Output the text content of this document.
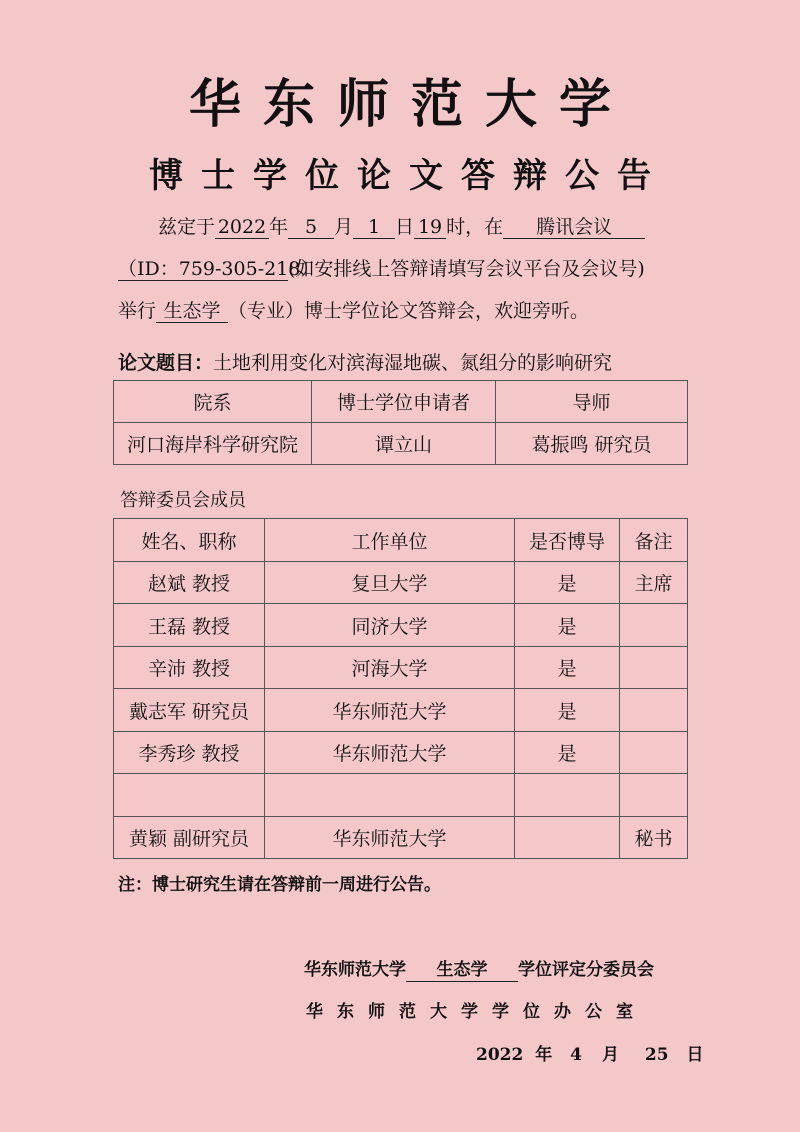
华东师范大学
博士学位论文答辩公告
兹定于 2022 年 5 月 1 日 19 时，在 腾讯会议
（ID：759-305-218）(如安排线上答辩请填写会议平台及会议号)
举行 生态学 （专业）博士学位论文答辩会，欢迎旁听。
论文题目：土地利用变化对滨海湿地碳、氮组分的影响研究
院系	博士学位申请者	导师
河口海岸科学研究院	谭立山	葛振鸣 研究员
答辩委员会成员
姓名、职称	工作单位	是否博导	备注
赵斌 教授	复旦大学	是	主席
王磊 教授	同济大学	是	
辛沛 教授	河海大学	是	
戴志军 研究员	华东师范大学	是	
李秀珍 教授	华东师范大学	是	

黄颖 副研究员	华东师范大学		秘书
注：博士研究生请在答辩前一周进行公告。
华东师范大学 生态学 学位评定分委员会
华东师范大学学位办公室
2022 年 4 月 25 日
